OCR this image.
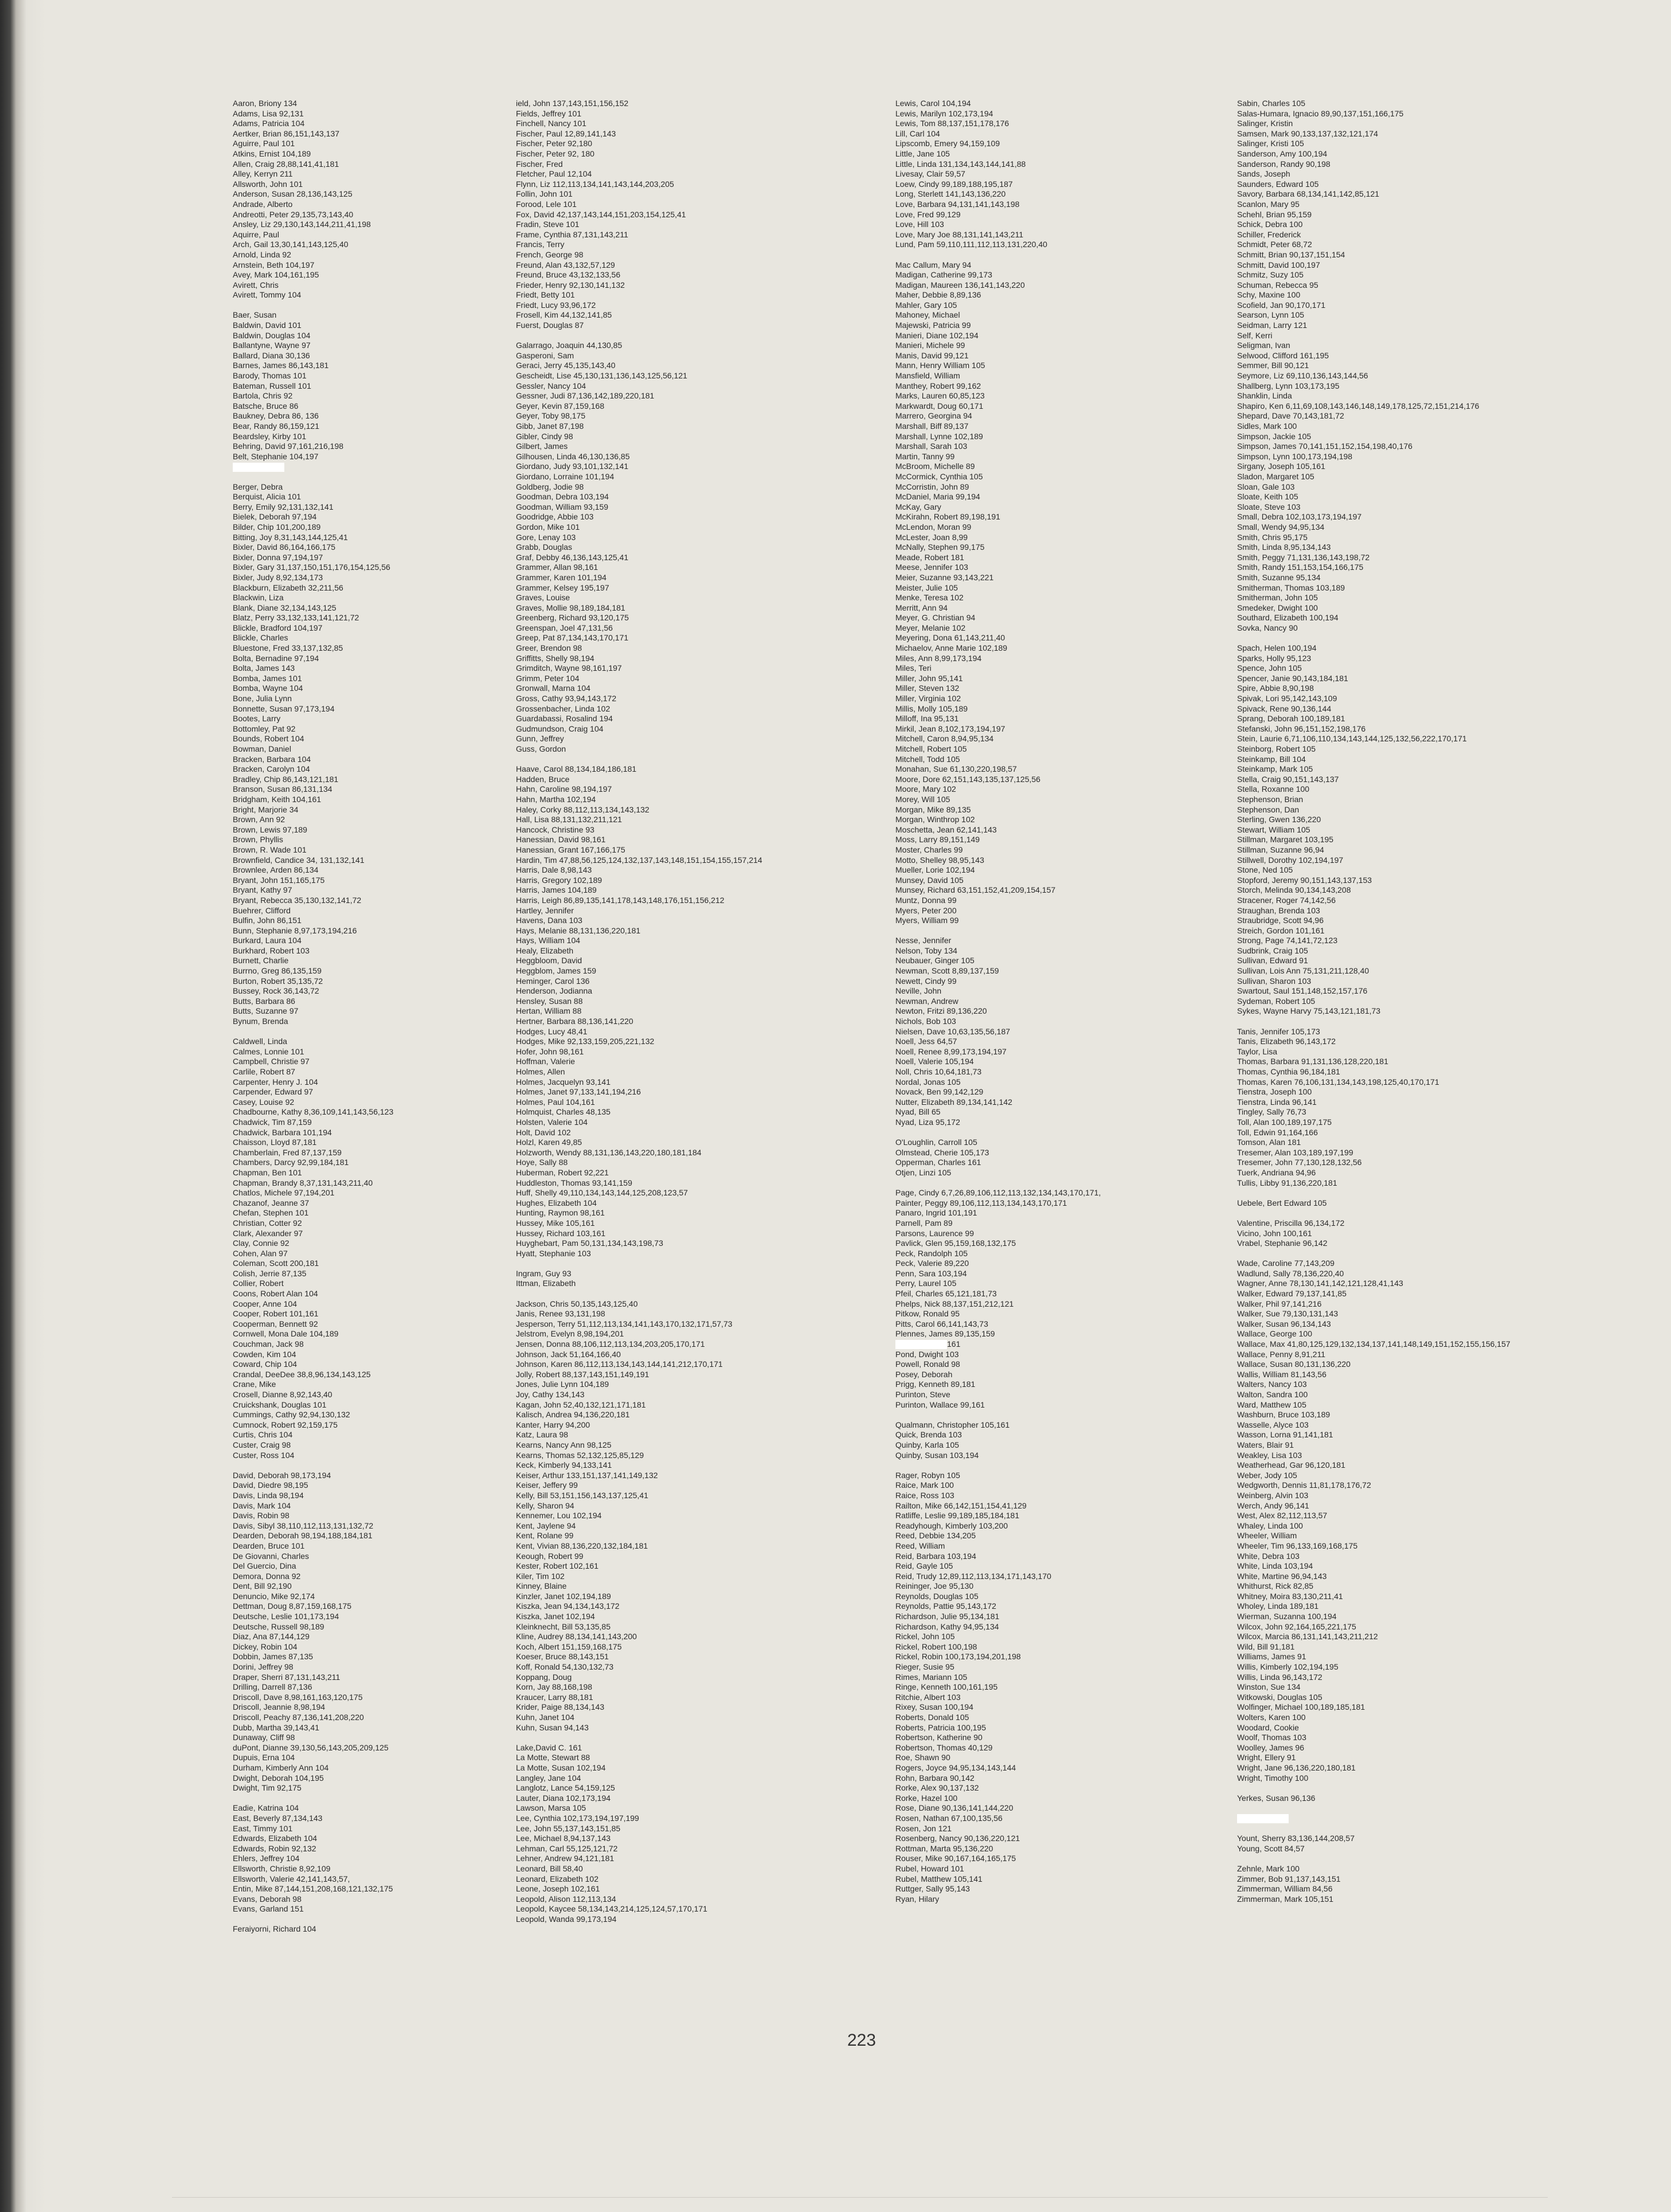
Aaron, Briony 134
Adams, Lisa 92,131
Adams, Patricia 104
Aertker, Brian 86,151,143,137
Aguirre, Paul 101
Atkins, Ernist 104,189
Allen, Craig 28,88,141,41,181
Alley, Kerryn 211
Allsworth, John 101
Anderson, Susan 28,136,143,125
Andrade, Alberto
Andreotti, Peter 29,135,73,143,40
Ansley, Liz 29,130,143,144,211,41,198
Aquirre, Paul
Arch, Gail 13,30,141,143,125,40
Arnold, Linda 92
Arnstein, Beth 104,197
Avey, Mark 104,161,195
Avirett, Chris
Avirett, Tommy 104
Baer, Susan
Baldwin, David 101
Baldwin, Douglas 104
Ballantyne, Wayne 97
Ballard, Diana 30,136
Barnes, James 86,143,181
Barody, Thomas 101
Bateman, Russell 101
Bartola, Chris 92
Batsche, Bruce 86
Baukney, Debra 86, 136
Bear, Randy 86,159,121
Beardsley, Kirby 101
Behring, David 97,161,216,198
Belt, Stephanie 104,197
Berger, Debra
Berquist, Alicia 101
Berry, Emily 92,131,132,141
Bielek, Deborah 97,194
Bilder, Chip 101,200,189
Bitting, Joy 8,31,143,144,125,41
Bixler, David 86,164,166,175
Bixler, Donna 97,194,197
Bixler, Gary 31,137,150,151,176,154,125,56
Bixler, Judy 8,92,134,173
Blackburn, Elizabeth 32,211,56
Blackwin, Liza
Blank, Diane 32,134,143,125
Blatz, Perry 33,132,133,141,121,72
Blickle, Bradford 104,197
Blickle, Charles
Bluestone, Fred 33,137,132,85
Bolta, Bernadine 97,194
Bolta, James 143
Bomba, James 101
Bomba, Wayne 104
Bone, Julia Lynn
Bonnette, Susan 97,173,194
Bootes, Larry
Bottomley, Pat 92
Bounds, Robert 104
Bowman, Daniel
Bracken, Barbara 104
Bracken, Carolyn 104
Bradley, Chip 86,143,121,181
Branson, Susan 86,131,134
Bridgham, Keith 104,161
Bright, Marjorie 34
Brown, Ann 92
Brown, Lewis 97,189
Brown, Phyllis
Brown, R. Wade 101
Brownfield, Candice 34, 131,132,141
Brownlee, Arden 86,134
Bryant, John 151,165,175
Bryant, Kathy 97
Bryant, Rebecca 35,130,132,141,72
Buehrer, Clifford
Bulfin, John 86,151
Bunn, Stephanie 8,97,173,194,216
Burkard, Laura 104
Burkhard, Robert 103
Burnett, Charlie
Burrno, Greg 86,135,159
Burton, Robert 35,135,72
Bussey, Rock 36,143,72
Butts, Barbara 86
Butts, Suzanne 97
Bynum, Brenda
Caldwell, Linda
Calmes, Lonnie 101
Campbell, Christie 97
Carlile, Robert 87
Carpenter, Henry J. 104
Carpender, Edward 97
Casey, Louise 92
Chadbourne, Kathy 8,36,109,141,143,56,123
Chadwick, Tim 87,159
Chadwick, Barbara 101,194
Chaisson, Lloyd 87,181
Chamberlain, Fred 87,137,159
Chambers, Darcy 92,99,184,181
Chapman, Ben 101
Chapman, Brandy 8,37,131,143,211,40
Chatlos, Michele 97,194,201
Chazanof, Jeanne 37
Chefan, Stephen 101
Christian, Cotter 92
Clark, Alexander 97
Clay, Connie 92
Cohen, Alan 97
Coleman, Scott 200,181
Colish, Jerrie 87,135
Collier, Robert
Coons, Robert Alan 104
Cooper, Anne 104
Cooper, Robert 101,161
Cooperman, Bennett 92
Cornwell, Mona Dale 104,189
Couchman, Jack 98
Cowden, Kim 104
Coward, Chip 104
Crandal, DeeDee 38,8,96,134,143,125
Crane, Mike
Crosell, Dianne 8,92,143,40
Cruickshank, Douglas 101
Cummings, Cathy 92,94,130,132
Cumnock, Robert 92,159,175
Curtis, Chris 104
Custer, Craig 98
Custer, Ross 104
David, Deborah 98,173,194
David, Diedre 98,195
Davis, Linda 98,194
Davis, Mark 104
Davis, Robin 98
Davis, Sibyl 38,110,112,113,131,132,72
Dearden, Deborah 98,194,188,184,181
Dearden, Bruce 101
De Giovanni, Charles
Del Guercio, Dina
Demora, Donna 92
Dent, Bill 92,190
Denuncio, Mike 92,174
Dettman, Doug 8,87,159,168,175
Deutsche, Leslie 101,173,194
Deutsche, Russell 98,189
Diaz, Ana 87,144,129
Dickey, Robin 104
Dobbin, James 87,135
Dorini, Jeffrey 98
Draper, Sherri 87,131,143,211
Drilling, Darrell 87,136
Driscoll, Dave 8,98,161,163,120,175
Driscoll, Jeannie 8,98,194
Driscoll, Peachy 87,136,141,208,220
Dubb, Martha 39,143,41
Dunaway, Cliff 98
duPont, Dianne 39,130,56,143,205,209,125
Dupuis, Erna 104
Durham, Kimberly Ann 104
Dwight, Deborah 104,195
Dwight, Tim 92,175
Eadie, Katrina 104
East, Beverly 87,134,143
East, Timmy 101
Edwards, Elizabeth 104
Edwards, Robin 92,132
Ehlers, Jeffrey 104
Ellsworth, Christie 8,92,109
Ellsworth, Valerie 42,141,143,57,
Entin, Mike 87,144,151,208,168,121,132,175
Evans, Deborah 98
Evans, Garland 151
Feraiyorni, Richard 104
ield, John 137,143,151,156,152
Fields, Jeffrey 101
Finchell, Nancy 101
Fischer, Paul 12,89,141,143
Fischer, Peter 92,180
Fischer, Peter 92, 180
Fischer, Fred
Fletcher, Paul 12,104
Flynn, Liz 112,113,134,141,143,144,203,205
Follin, John 101
Forood, Lele 101
Fox, David 42,137,143,144,151,203,154,125,41
Fradin, Steve 101
Frame, Cynthia 87,131,143,211
Francis, Terry
French, George 98
Freund, Alan 43,132,57,129
Freund, Bruce 43,132,133,56
Frieder, Henry 92,130,141,132
Friedt, Betty 101
Friedt, Lucy 93,96,172
Frosell, Kim 44,132,141,85
Fuerst, Douglas 87
Galarrago, Joaquin 44,130,85
Gasperoni, Sam
Geraci, Jerry 45,135,143,40
Gescheidt, Lise 45,130,131,136,143,125,56,121
Gessler, Nancy 104
Gessner, Judi 87,136,142,189,220,181
Geyer, Kevin 87,159,168
Geyer, Toby 98,175
Gibb, Janet 87,198
Gibler, Cindy 98
Gilbert, James
Gilhousen, Linda 46,130,136,85
Giordano, Judy 93,101,132,141
Giordano, Lorraine 101,194
Goldberg, Jodie 98
Goodman, Debra 103,194
Goodman, William 93,159
Goodridge, Abbie 103
Gordon, Mike 101
Gore, Lenay 103
Grabb, Douglas
Graf, Debby 46,136,143,125,41
Grammer, Allan 98,161
Grammer, Karen 101,194
Grammer, Kelsey 195,197
Graves, Louise
Graves, Mollie 98,189,184,181
Greenberg, Richard 93,120,175
Greenspan, Joel 47,131,56
Greep, Pat 87,134,143,170,171
Greer, Brendon 98
Griffitts, Shelly 98,194
Grimditch, Wayne 98,161,197
Grimm, Peter 104
Gronwall, Marna 104
Gross, Cathy 93,94,143,172
Grossenbacher, Linda 102
Guardabassi, Rosalind 194
Gudmundson, Craig 104
Gunn, Jeffrey
Guss, Gordon
Haave, Carol 88,134,184,186,181
Hadden, Bruce
Hahn, Caroline 98,194,197
Hahn, Martha 102,194
Haley, Corky 88,112,113,134,143,132
Hall, Lisa 88,131,132,211,121
Hancock, Christine 93
Hanessian, David 98,161
Hanessian, Grant 167,166,175
Hardin, Tim 47,88,56,125,124,132,137,143,148,151,154,155,157,214
Harris, Dale 8,98,143
Harris, Gregory 102,189
Harris, James 104,189
Harris, Leigh 86,89,135,141,178,143,148,176,151,156,212
Hartley, Jennifer
Havens, Dana 103
Hays, Melanie 88,131,136,220,181
Hays, William 104
Healy, Elizabeth
Heggbloom, David
Heggblom, James 159
Heminger, Carol 136
Henderson, Jodianna
Hensley, Susan 88
Hertan, William 88
Hertner, Barbara 88,136,141,220
Hodges, Lucy 48,41
Hodges, Mike 92,133,159,205,221,132
Hofer, John 98,161
Hoffman, Valerie
Holmes, Allen
Holmes, Jacquelyn 93,141
Holmes, Janet 97,133,141,194,216
Holmes, Paul 104,161
Holmquist, Charles 48,135
Holsten, Valerie 104
Holt, David 102
Holzl, Karen 49,85
Holzworth, Wendy 88,131,136,143,220,180,181,184
Hoye, Sally 88
Huberman, Robert 92,221
Huddleston, Thomas 93,141,159
Huff, Shelly 49,110,134,143,144,125,208,123,57
Hughes, Elizabeth 104
Hunting, Raymon 98,161
Hussey, Mike 105,161
Hussey, Richard 103,161
Huyghebart, Pam 50,131,134,143,198,73
Hyatt, Stephanie 103
Ingram, Guy 93
Ittman, Elizabeth
Jackson, Chris 50,135,143,125,40
Janis, Renee 93,131,198
Jesperson, Terry 51,112,113,134,141,143,170,132,171,57,73
Jelstrom, Evelyn 8,98,194,201
Jensen, Donna 88,106,112,113,134,203,205,170,171
Johnson, Jack 51,164,166,40
Johnson, Karen 86,112,113,134,143,144,141,212,170,171
Jolly, Robert 88,137,143,151,149,191
Jones, Julie Lynn 104,189
Joy, Cathy 134,143
Kagan, John 52,40,132,121,171,181
Kalisch, Andrea 94,136,220,181
Kanter, Harry 94,200
Katz, Laura 98
Kearns, Nancy Ann 98,125
Kearns, Thomas 52,132,125,85,129
Keck, Kimberly 94,133,141
Keiser, Arthur 133,151,137,141,149,132
Keiser, Jeffery 99
Kelly, Bill 53,151,156,143,137,125,41
Kelly, Sharon 94
Kennemer, Lou 102,194
Kent, Jaylene 94
Kent, Rolane 99
Kent, Vivian 88,136,220,132,184,181
Keough, Robert 99
Kester, Robert 102,161
Kiler, Tim 102
Kinney, Blaine
Kinzler, Janet 102,194,189
Kiszka, Jean 94,134,143,172
Kiszka, Janet 102,194
Kleinknecht, Bill 53,135,85
Kline, Audrey 88,134,141,143,200
Koch, Albert 151,159,168,175
Koeser, Bruce 88,143,151
Koff, Ronald 54,130,132,73
Koppang, Doug
Korn, Jay 88,168,198
Kraucer, Larry 88,181
Krider, Paige 88,134,143
Kuhn, Janet 104
Kuhn, Susan 94,143
Lake,David C. 161
La Motte, Stewart 88
La Motte, Susan 102,194
Langley, Jane 104
Langlotz, Lance 54,159,125
Lauter, Diana 102,173,194
Lawson, Marsa 105
Lee, Cynthia 102,173,194,197,199
Lee, John 55,137,143,151,85
Lee, Michael 8,94,137,143
Lehman, Carl 55,125,121,72
Lehner, Andrew 94,121,181
Leonard, Bill 58,40
Leonard, Elizabeth 102
Leone, Joseph 102,161
Leopold, Alison 112,113,134
Leopold, Kaycee 58,134,143,214,125,124,57,170,171
Leopold, Wanda 99,173,194
Lewis, Carol 104,194
Lewis, Marilyn 102,173,194
Lewis, Tom 88,137,151,178,176
Lill, Carl 104
Lipscomb, Emery 94,159,109
Little, Jane 105
Little, Linda 131,134,143,144,141,88
Livesay, Clair 59,57
Loew, Cindy 99,189,188,195,187
Long, Sterlett 141,143,136,220
Love, Barbara 94,131,141,143,198
Love, Fred 99,129
Love, Hill 103
Love, Mary Joe 88,131,141,143,211
Lund, Pam 59,110,111,112,113,131,220,40
Mac Callum, Mary 94
Madigan, Catherine 99,173
Madigan, Maureen 136,141,143,220
Maher, Debbie 8,89,136
Mahler, Gary 105
Mahoney, Michael
Majewski, Patricia 99
Manieri, Diane 102,194
Manieri, Michele 99
Manis, David 99,121
Mann, Henry William 105
Mansfield, William
Manthey, Robert 99,162
Marks, Lauren 60,85,123
Markwardt, Doug 60,171
Marrero, Georgina 94
Marshall, Biff 89,137
Marshall, Lynne 102,189
Marshall, Sarah 103
Martin, Tanny 99
McBroom, Michelle 89
McCormick, Cynthia 105
McCorristin, John 89
McDaniel, Maria 99,194
McKay, Gary
McKirahn, Robert 89,198,191
McLendon, Moran 99
McLester, Joan 8,99
McNally, Stephen 99,175
Meade, Robert 181
Meese, Jennifer 103
Meier, Suzanne 93,143,221
Meister, Julie 105
Menke, Teresa 102
Merritt, Ann 94
Meyer, G. Christian 94
Meyer, Melanie 102
Meyering, Dona 61,143,211,40
Michaelov, Anne Marie 102,189
Miles, Ann 8,99,173,194
Miles, Teri
Miller, John 95,141
Miller, Steven 132
Miller, Virginia 102
Millis, Molly 105,189
Milloff, Ina 95,131
Mirkil, Jean 8,102,173,194,197
Mitchell, Caron 8,94,95,134
Mitchell, Robert 105
Mitchell, Todd 105
Monahan, Sue 61,130,220,198,57
Moore, Dore 62,151,143,135,137,125,56
Moore, Mary 102
Morey, Will 105
Morgan, Mike 89,135
Morgan, Winthrop 102
Moschetta, Jean 62,141,143
Moss, Larry 89,151,149
Moster, Charles 99
Motto, Shelley 98,95,143
Mueller, Lorie 102,194
Munsey, David 105
Munsey, Richard 63,151,152,41,209,154,157
Muntz, Donna 99
Myers, Peter 200
Myers, William 99
Nesse, Jennifer
Nelson, Toby 134
Neubauer, Ginger 105
Newman, Scott 8,89,137,159
Newett, Cindy 99
Neville, John
Newman, Andrew
Newton, Fritzi 89,136,220
Nichols, Bob 103
Nielsen, Dave 10,63,135,56,187
Noell, Jess 64,57
Noell, Renee 8,99,173,194,197
Noell, Valerie 105,194
Noll, Chris 10,64,181,73
Nordal, Jonas 105
Novack, Ben 99,142,129
Nutter, Elizabeth 89,134,141,142
Nyad, Bill 65
Nyad, Liza 95,172
O'Loughlin, Carroll 105
Olmstead, Cherie 105,173
Opperman, Charles 161
Otjen, Linzi 105
Page, Cindy 6,7,26,89,106,112,113,132,134,143,170,171,
Painter, Peggy 89,106,112,113,134,143,170,171
Panaro, Ingrid 101,191
Parnell, Pam 89
Parsons, Laurence 99
Pavlick, Glen 95,159,168,132,175
Peck, Randolph 105
Peck, Valerie 89,220
Penn, Sara 103,194
Perry, Laurel 105
Pfeil, Charles 65,121,181,73
Phelps, Nick 88,137,151,212,121
Pitkow, Ronald 95
Pitts, Carol 66,141,143,73
Plennes, James 89,135,159
161
Pond, Dwight 103
Powell, Ronald 98
Posey, Deborah
Prigg, Kenneth 89,181
Purinton, Steve
Purinton, Wallace 99,161
Qualmann, Christopher 105,161
Quick, Brenda 103
Quinby, Karla 105
Quinby, Susan 103,194
Rager, Robyn 105
Raice, Mark 100
Raice, Ross 103
Railton, Mike 66,142,151,154,41,129
Ratliffe, Leslie 99,189,185,184,181
Readyhough, Kimberly 103,200
Reed, Debbie 134,205
Reed, William
Reid, Barbara 103,194
Reid, Gayle 105
Reid, Trudy 12,89,112,113,134,171,143,170
Reininger, Joe 95,130
Reynolds, Douglas 105
Reynolds, Pattie 95,143,172
Richardson, Julie 95,134,181
Richardson, Kathy 94,95,134
Rickel, John 105
Rickel, Robert 100,198
Rickel, Robin 100,173,194,201,198
Rieger, Susie 95
Rimes, Mariann 105
Ringe, Kenneth 100,161,195
Ritchie, Albert 103
Rixey, Susan 100,194
Roberts, Donald 105
Roberts, Patricia 100,195
Robertson, Katherine 90
Robertson, Thomas 40,129
Roe, Shawn 90
Rogers, Joyce 94,95,134,143,144
Rohn, Barbara 90,142
Rorke, Alex 90,137,132
Rorke, Hazel 100
Rose, Diane 90,136,141,144,220
Rosen, Nathan 67,100,135,56
Rosen, Jon 121
Rosenberg, Nancy 90,136,220,121
Rottman, Marta 95,136,220
Rouser, Mike 90,167,164,165,175
Rubel, Howard 101
Rubel, Matthew 105,141
Ruttger, Sally 95,143
Ryan, Hilary
Sabin, Charles 105
Salas-Humara, Ignacio 89,90,137,151,166,175
Salinger, Kristin
Samsen, Mark 90,133,137,132,121,174
Salinger, Kristi 105
Sanderson, Amy 100,194
Sanderson, Randy 90,198
Sands, Joseph
Saunders, Edward 105
Savory, Barbara 68,134,141,142,85,121
Scanlon, Mary 95
Schehl, Brian 95,159
Schick, Debra 100
Schiller, Frederick
Schmidt, Peter 68,72
Schmitt, Brian 90,137,151,154
Schmitt, David 100,197
Schmitz, Suzy 105
Schuman, Rebecca 95
Schy, Maxine 100
Scofield, Jan 90,170,171
Searson, Lynn 105
Seidman, Larry 121
Self, Kerri
Seligman, Ivan
Selwood, Clifford 161,195
Semmer, Bill 90,121
Seymore, Liz 69,110,136,143,144,56
Shallberg, Lynn 103,173,195
Shanklin, Linda
Shapiro, Ken 6,11,69,108,143,146,148,149,178,125,72,151,214,176
Shepard, Dave 70,143,181,72
Sidles, Mark 100
Simpson, Jackie 105
Simpson, James 70,141,151,152,154,198,40,176
Simpson, Lynn 100,173,194,198
Sirgany, Joseph 105,161
Sladon, Margaret 105
Sloan, Gale 103
Sloate, Keith 105
Sloate, Steve 103
Small, Debra 102,103,173,194,197
Small, Wendy 94,95,134
Smith, Chris 95,175
Smith, Linda 8,95,134,143
Smith, Peggy 71,131,136,143,198,72
Smith, Randy 151,153,154,166,175
Smith, Suzanne 95,134
Smitherman, Thomas 103,189
Smitherman, John 105
Smedeker, Dwight 100
Southard, Elizabeth 100,194
Sovka, Nancy 90
Spach, Helen 100,194
Sparks, Holly 95,123
Spence, John 105
Spencer, Janie 90,143,184,181
Spire, Abbie 8,90,198
Spivak, Lori 95,142,143,109
Spivack, Rene 90,136,144
Sprang, Deborah 100,189,181
Stefanski, John 96,151,152,198,176
Stein, Laurie 6,71,106,110,134,143,144,125,132,56,222,170,171
Steinborg, Robert 105
Steinkamp, Bill 104
Steinkamp, Mark 105
Stella, Craig 90,151,143,137
Stella, Roxanne 100
Stephenson, Brian
Stephenson, Dan
Sterling, Gwen 136,220
Stewart, William 105
Stillman, Margaret 103,195
Stillman, Suzanne 96,94
Stillwell, Dorothy 102,194,197
Stone, Ned 105
Stopford, Jeremy 90,151,143,137,153
Storch, Melinda 90,134,143,208
Stracener, Roger 74,142,56
Straughan, Brenda 103
Straubridge, Scott 94,96
Streich, Gordon 101,161
Strong, Page 74,141,72,123
Sudbrink, Craig 105
Sullivan, Edward 91
Sullivan, Lois Ann 75,131,211,128,40
Sullivan, Sharon 103
Swartout, Saul 151,148,152,157,176
Sydeman, Robert 105
Sykes, Wayne Harvy 75,143,121,181,73
Tanis, Jennifer 105,173
Tanis, Elizabeth 96,143,172
Taylor, Lisa
Thomas, Barbara 91,131,136,128,220,181
Thomas, Cynthia 96,184,181
Thomas, Karen 76,106,131,134,143,198,125,40,170,171
Tienstra, Joseph 100
Tienstra, Linda 96,141
Tingley, Sally 76,73
Toll, Alan 100,189,197,175
Toll, Edwin 91,164,166
Tomson, Alan 181
Tresemer, Alan 103,189,197,199
Tresemer, John 77,130,128,132,56
Tuerk, Andriana 94,96
Tullis, Libby 91,136,220,181
Uebele, Bert Edward 105
Valentine, Priscilla 96,134,172
Vicino, John 100,161
Vrabel, Stephanie 96,142
Wade, Caroline 77,143,209
Wadlund, Sally 78,136,220,40
Wagner, Anne 78,130,141,142,121,128,41,143
Walker, Edward 79,137,141,85
Walker, Phil 97,141,216
Walker, Sue 79,130,131,143
Walker, Susan 96,134,143
Wallace, George 100
Wallace, Max 41,80,125,129,132,134,137,141,148,149,151,152,155,156,157
Wallace, Penny 8,91,211
Wallace, Susan 80,131,136,220
Wallis, William 81,143,56
Walters, Nancy 103
Walton, Sandra 100
Ward, Matthew 105
Washburn, Bruce 103,189
Wasselle, Alyce 103
Wasson, Lorna 91,141,181
Waters, Blair 91
Weakley, Lisa 103
Weatherhead, Gar 96,120,181
Weber, Jody 105
Wedgworth, Dennis 11,81,178,176,72
Weinberg, Alvin 103
Werch, Andy 96,141
West, Alex 82,112,113,57
Whaley, Linda 100
Wheeler, William
Wheeler, Tim 96,133,169,168,175
White, Debra 103
White, Linda 103,194
White, Martine 96,94,143
Whithurst, Rick 82,85
Whitney, Moira 83,130,211,41
Wholey, Linda 189,181
Wierman, Suzanna 100,194
Wilcox, John 92,164,165,221,175
Wilcox, Marcia 86,131,141,143,211,212
Wild, Bill 91,181
Williams, James 91
Willis, Kimberly 102,194,195
Willis, Linda 96,143,172
Winston, Sue 134
Witkowski, Douglas 105
Wolfinger, Michael 100,189,185,181
Wolters, Karen 100
Woodard, Cookie
Woolf, Thomas 103
Woolley, James 96
Wright, Ellery 91
Wright, Jane 96,136,220,180,181
Wright, Timothy 100
Yerkes, Susan 96,136
Yount, Sherry 83,136,144,208,57
Young, Scott 84,57
Zehnle, Mark 100
Zimmer, Bob 91,137,143,151
Zimmerman, William 84,56
Zimmerman, Mark 105,151
223
